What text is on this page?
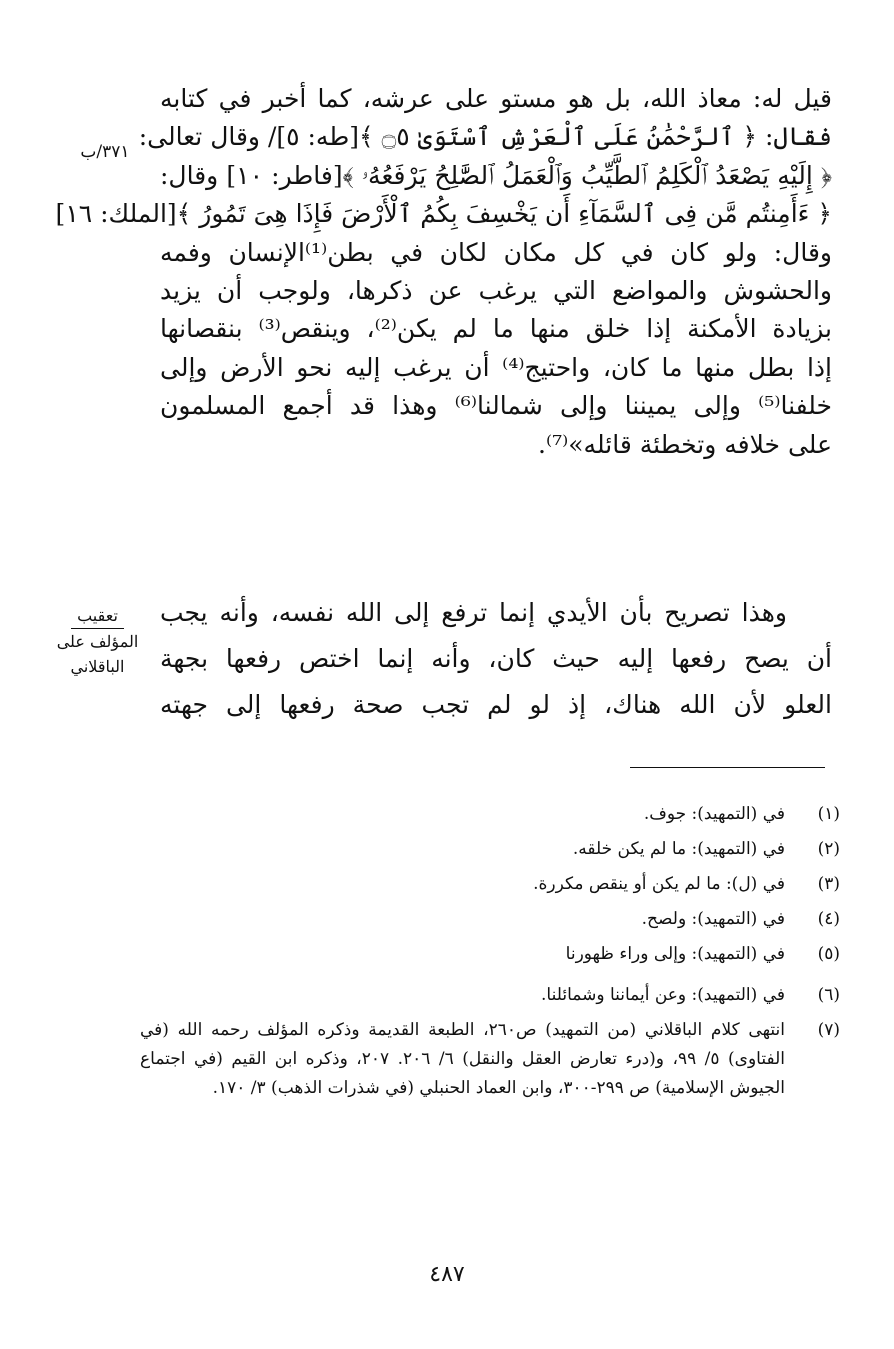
٣٧١/ب
تعقيب
المؤلف على
الباقلاني
قيل له: معاذ الله، بل هو مستو على عرشه، كما أخبر في كتابه
فقال: ﴿ ٱلرَّحْمَٰنُ عَلَى ٱلْعَرْشِ ٱسْتَوَىٰ ۝٥ ﴾[طه: ٥]/ وقال تعالى:
﴿ إِلَيْهِ يَصْعَدُ ٱلْكَلِمُ ٱلطَّيِّبُ وَٱلْعَمَلُ ٱلصَّٰلِحُ يَرْفَعُهُۥ ﴾[فاطر: ١٠] وقال:
﴿ ءَأَمِنتُم مَّن فِى ٱلسَّمَآءِ أَن يَخْسِفَ بِكُمُ ٱلْأَرْضَ فَإِذَا هِىَ تَمُورُ ﴾[الملك: ١٦]
وقال: ولو كان في كل مكان لكان في بطن⁽¹⁾الإنسان وفمه
والحشوش والمواضع التي يرغب عن ذكرها، ولوجب أن يزيد
بزيادة الأمكنة إذا خلق منها ما لم يكن⁽²⁾، وينقص⁽³⁾ بنقصانها
إذا بطل منها ما كان، واحتيج⁽⁴⁾ أن يرغب إليه نحو الأرض وإلى
خلفنا⁽⁵⁾ وإلى يميننا وإلى شمالنا⁽⁶⁾ وهذا قد أجمع المسلمون
على خلافه وتخطئة قائله»⁽⁷⁾.
وهذا تصريح بأن الأيدي إنما ترفع إلى الله نفسه، وأنه يجب
أن يصح رفعها إليه حيث كان، وأنه إنما اختص رفعها بجهة
العلو لأن الله هناك، إذ لو لم تجب صحة رفعها إلى جهته
(١)
في (التمهيد): جوف.
(٢)
في (التمهيد): ما لم يكن خلقه.
(٣)
في (ل): ما لم يكن أو ينقص مكررة.
(٤)
في (التمهيد): ولصح.
(٥)
في (التمهيد): وإلى وراء ظهورنا
(٦)
في (التمهيد): وعن أيماننا وشمائلنا.
(٧)
انتهى كلام الباقلاني (من التمهيد) ص٢٦٠، الطبعة القديمة وذكره المؤلف رحمه الله (في الفتاوى) ٥/ ٩٩، و(درء تعارض العقل والنقل) ٦/ ٢٠٦. ٢٠٧، وذكره ابن القيم (في اجتماع الجيوش الإسلامية) ص ٢٩٩-٣٠٠، وابن العماد الحنبلي (في شذرات الذهب) ٣/ ١٧٠.
٤٨٧
